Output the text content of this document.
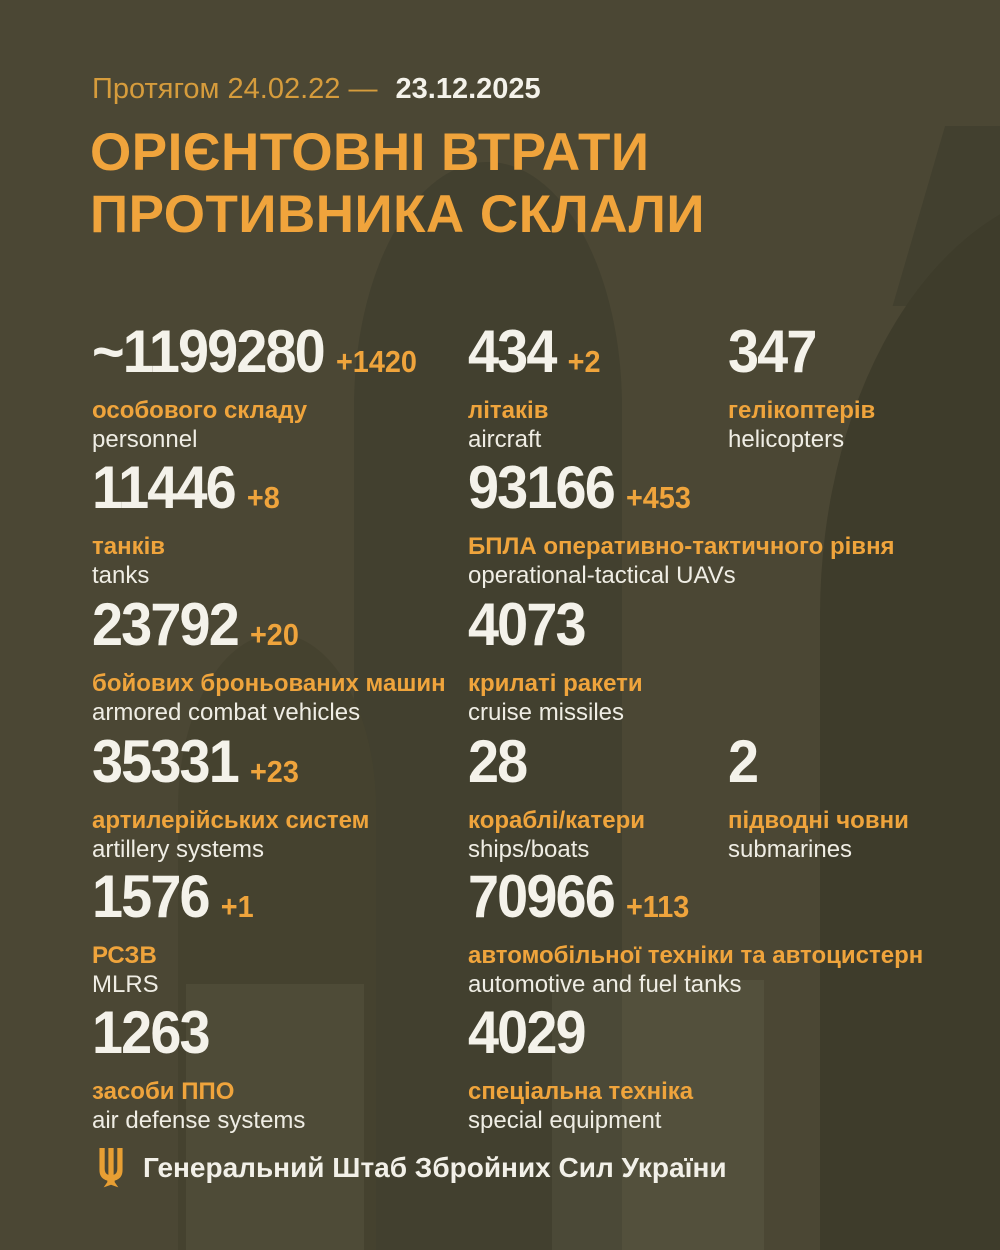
Протягом 24.02.22 — 23.12.2025
ОРІЄНТОВНІ ВТРАТИ
ПРОТИВНИКА СКЛАЛИ
~1199280 +1420
особового складу
personnel
434 +2
літаків
aircraft
347
гелікоптерів
helicopters
11446 +8
танків
tanks
93166 +453
БПЛА оперативно-тактичного рівня
operational-tactical UAVs
23792 +20
бойових броньованих машин
armored combat vehicles
4073
крилаті ракети
cruise missiles
35331 +23
артилерійських систем
artillery systems
28
кораблі/катери
ships/boats
2
підводні човни
submarines
1576 +1
РСЗВ
MLRS
70966 +113
автомобільної техніки та автоцистерн
automotive and fuel tanks
1263
засоби ППО
air defense systems
4029
спеціальна техніка
special equipment
Генеральний Штаб Збройних Сил України
